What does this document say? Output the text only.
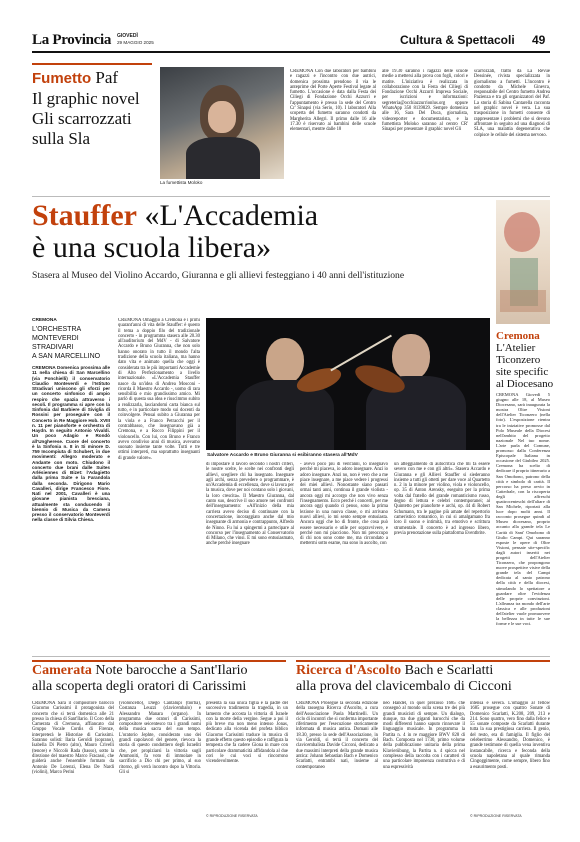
La Provincia GIOVEDÌ
29 MAGGIO 2025	Cultura & Spettacoli 49
Fumetto Paf
Il graphic novel
Gli scarrozzati
sulla Sla
La fumettista Moloko
CREMONA Con due laboratori per bambini e ragazzi e l'incontro con due autrici, domenica prossima prendono il via le anteprime del Porte Aperte Festival legate al fumetto. L'occasione è data dalla Festa dei Ciliegi di Fondazione Occhi Azzurri e l'appuntamento è presso la sede del Centro Cr' Sinapsi (via Serio, 10). I laboratori Alla scoperta del fumetto saranno condotti da Margherita Allegri. Il primo dalle 16 alle 17.30 è riservato ai bambini delle scuole elementari, mentre dalle 18
alle 19.30 saranno i ragazzi delle scuole medie a mettersi alla prova con fogli, colori e matite. L'iniziativa è realizzata in collaborazione con la Festa dei Ciliegi di Fondazione Occhi Azzurri Impresa Sociale, per iscrizioni e informazioni: segreteria@occhiazzurrionlus.org oppure WhatsApp 350 8139829. Sempre domenica alle 16, Sara Del Duca, giornalista, videoreporter e documentarista, e la fumettista Moloko saranno al centro CR' Sinapsi per presentare il graphic novel Gli
scarrozzati, tratto da La Revue Dessinée, rivista specializzata in giornalismo a fumetti. L'incontro è condotto da Michele Ginevra, responsabile del Centro fumetto Andrea Pazienza e tra gli organizzatori del Paf. La storia di Sabina Cantarella racconta nel graphic novel è vera. La sua trasposizione in fumetti consente di rappresentare i problemi che si devono affrontare in seguito ad una diagnosi di SLA, una malattia degenerativa che colpisce le cellule del sistema nervoso.
Stauffer «L'Accademia
è una scuola libera»
Stasera al Museo del Violino Accardo, Giuranna e gli allievi festeggiano i 40 anni dell'istituzione
CREMONA
L'ORCHESTRA
MONTEVERDI
STRADIVARI
A SAN MARCELLINO
CREMONA Domenica prossima alle 11 nella chiesa di San Marcellino (via Ponchielli) il conservatorio Claudio Monteverdi e l'Istituto Stradivari uniscono gli sforzi per un concerto sinfonico di ampio respiro che spazia attraverso i secoli. Il programma si apre con la Sinfonia dal Barbiere di Siviglia di Rossini per proseguire con il Concerto in Re Maggiore Hob. XVIII n. 11 per pianoforte e orchestra di Haydn. In seguito Antonio Vivaldi. Un poco Adagio e Rondò all'Ungherese. Cuore del concerto è la Sinfonia n. 8 in Si minore D. 759 Incompiuta di Schubert, in due movimenti: Allegro moderato e Andante con moto. Chiudono il concerto due brani dalle Suites Arlésiennes di Bizet: l'Adagietto dalla prima Suite e la Farandola dalla seconda. Dirigono Mario Cavalleri, dirige Francesco Fiore. Nati nel 2001, Cavalleri è una giovane pianista bresciana, attualmente sta conducendo il biennio di Musica da Camera presso il conservatorio Monteverdi nella classe di Silvia Chiesa.
CREMONA Omaggio a Cremona e i primi quarant'anni di vita delle Stauffer: è questo il tema a doppio filo del tradizionale concerto - in programma stasera alle 20.30 all'auditorium del MdV - di Salvatore Accardo e Bruno Giuranna, che non solo hanno onorato in tutto il mondo l'alta tradizione della scuola italiana, ma hanno dato vita e animato quella che oggi è considerata tra le più importanti Accademie di Alto Perfezionamento a livello internazionale. «L'Accademia Stauffer nasce da un'idea di Andrea Mosconi - ricorda il Maestro Accardo -, uomo di rara sensibilità e mio grandissimo amico. Mi parlò di questa sua idea e riuscimmo subito a realizzarla, lasciandomi carta bianca sul tutto, e in particolare modo sui docenti da coinvolgere. Pensai subito a Giuranna per la viola e a Franco Petracchi per il contrabbasso, che insegnavano già a Cremona, e a Rocco Filippini per il violoncello. Con lui, con Bruno e Franco avevo condiviso anni di musica, avevamo suonato insieme tante volte. Tutti e tre ottimi interpreti, ma soprattutto insegnanti di grande valore».
Salvatore Accardo e Bruno Giuranna si esibiranno stasera all'MdV
di impostare il lavoro secondo i nostri criteri, le nostre scelte, le scelte nei confronti degli allievi, scegliere chi ha insegnato. Insegnare agli archi, senza prevedere o programmare, è un'Accademia di eccellenza, dove si lavora per la musica, dove per noi contano solo i giovani, la loro crescita». Il Maestro Giuranna, dal canto suo, descrive il suo amore nei confronti dell'insegnamento: «All'inizio della mia carriera avevo deciso di continuare con la concertazione, incoraggiato anche dal mio insegnante di armonia e contrappunto, Alfredo de Ninno. Fu lui a spingermi a partecipare al concorso per l'insegnamento al Conservatorio di Milano, che vinsi. E mi sono entusiasmato, anche perché insegnare
- avevo poco più di vent'anni, lo insegnavo perché mi piaceva, io adoro insegnare. Anzi io adoro insegnare. Anzi no, non è vero che a me piace insegnare, a me piace vedere i progressi dei miei allievi. Nonostante siano passati ormai tanti anni, continua il grande violista - ancora oggi mi accorgo che non vivo senza l'insegnamento. Ecco perché i concerti, per me ancora oggi quando ci penso, sono la prima lezione in una nuova classe, o mi arrivano nuovi allievi, io mi sento sempre entusiasta. Ancora oggi che ho di fronte, che cosa può essere necessario e utile per sopravvivere, e perché non mi piacciono. Non mi preoccupo di chi non sono come me, ma circondato a mettermi sotto esame, ma sono in ascolto, con
un atteggiamento di autocritica che mi fa essere severo con me e con gli altri». Stasera Accardo e Giuranna e gli Allievi Stauffer si siederanno insieme a tutti gli ottetti per dare voce al Quartetto n. 2 in la minore per violino, viola e violoncello, op. 35 di Anton Arensky, eseguito per la prima volta dal fratello del grande romanticismo russo, degno di lettura e celebri contemporanei; al Quintetto per pianoforte e archi, op. 44 di Robert Schumann, tra le pagine più amate del repertorio cameristico romantico, in cui si amalgamano fra loro il suono e intimità, tra emotivo e scrittura strumentale. Il concerto è ad ingresso libero, previa prenotazione sulla piattaforma Eventbrite.
Cremona
L'Atelier
Ticonzero
site specific
al Diocesano
CREMONA Giovedì 5 giugno alle 18, al Museo Diocesano, sarà inaugurata la mostra Oltre Visioni dell'Atelier Ticonzero (nella foto). L'esposizione rientra tra le iniziative promosse dal Polo Museale della Diocesi nell'ambito del progetto nazionale Nel tuo nome. L'arte parla del Comune, promosso dalla Conferenza Episcopale Italiana in occasione del Giubileo 2025. Cremona ha scelto di dedicare il proprio itinerario a San Omobono, patrono della città e simbolo di carità. Il percorso ha preso avvio in Cattedrale, con la riscoperta degli affreschi quattrocenteschi dell'altare di San Michele, riportati alla luce dopo molti anni. Il racconto prosegue quindi al Museo diocesano, proprio accanto alla grande tela Le Carità di Sant' Omobono di Giulio Campi. Qui saranno esposte le opere di Oltre Visioni, pensate site-specific dagli autori inseriti nei progetti dell'Atelier Ticonzero, che propongono nuove prospettive visive della grande tela del Campi dedicata al santo patrono della città e della diocesi, stimolando lo spettatore a guardare oltre l'evidenza delle proprie convinzioni. L'alleanza tra mondo dell'arte classica e alle produzioni dell'atelier vuole promuovere la bellezza in tutte le sue forme e le sue voci.
Camerata Note barocche a Sant'Ilario
alla scoperta degli oratori di Carissimi
CREMONA Sarà il compositore barocco Giacomo Carissimi il protagonista del concerto che si terrà domenica alle 21 presso la chiesa di Sant'Ilario. Il Coro della Camerata di Cremona, affiancato dal Gruppo Vocale Cordis di Firenze, interpreterà le Historiae di Carissimi. Saranno solisti: Ilaria Geroldi (soprano), Isabella Di Pietro (alto), Mauro Crivelli (tenore) e Niccolò Rada (basso), sotto la direzione del maestro Marco Fracassi, che guiderà anche l'ensemble formato da Antonio De Lorenzi, Elena De Nardi (violini), Marco Perini
(violoncello), Diego Cantalupi (tiorba), Costanza Leuzzi (clavicembalo) e Alessandro Manara (organo). In programma due oratori di Carissimi, compositore seicentesco tra i grandi nomi della musica sacra del suo tempo. L'oratorio Jephte, considerato uno dei grandi capolavori del genere, rievoca la storia di questo condottiero degli Israeliti che, per propiziarsi la vittoria sugli Ammoniti, fa voto di immolare in sacrificio a Dio chi per primo, al suo ritorno, gli verrà incontro dopo la Vittoria. Gli si
presenta la sua unica figlia e la padre del successivo tradimento la tragedia, in un lamento che accosta la vittoria di Israele con la morte della vergine. Segue a poi il più breve ma non meno intenso Jonas, dedicato alla vicenda del profeta biblico Giacomo Carissimi traduce in musica di grande effetto questo episodio e raffigura la tempesta che fa cadere Giona in mare con particolare drammaticità affidandola al due cori le cui voci si rincorrono vicendevolmente.
© RIPRODUZIONE RISERVATA
Ricerca d'Ascolto Bach e Scarlatti
alla prova del clavicembalo di Cicconi
CREMONA Prosegue la seconda edizione della rassegna Ricerca d'Ascolto, a cura dell'Associazione Paola Martinelli. Un ciclo di incontri che si conferma importante riferimento per l'esecuzione storicamente informata di musica antica. Domani alle 18.30, presso la sede dell'Associazione, in via Geroldi, si terrà il concerto del clavicembalista Davide Cicconi, dedicato a due massimi interpreti della grande musica antica: Johann Sebastian Bach e Domenico Scarlatti, entrambi nati, insieme al contemporaneo
neo Händel, in quel prezioso 1685 che consegnò al mondo sulla scena tre dei più grandi musicisti di sempre. Un dialogo, dunque, tra due giganti barocchi che da modi differenti hanno saputo rinnovare il linguaggio musicale. In programma la Partita n. 4 in re maggiore BWV 828 di Bach. Composta nel 1730, primo volume della pubblicazione unitaria della prima Klavierübung, la Partita n. 4 spicca nel complesso della raccolta con i caratteri di una particolare imponenza costruttiva e di una espressività
intensa e severa. L'omaggio al fellow 1685 prosegue con quattro Sonate di Domenico Scarlatti, K.208, 209, 213 e 214. Sono quattro, vero fino dalla felice e 55 sonate composte da Scarlatti durante tutta la sua prestigiosa carriera. Il genio, del resto, era di famiglia. Il figlio del celeberrimo Alessandro, Domenico, è grande testimone di quella vena inventiva instancabile, ricerca e feconda della scuola napoletana al quale rimanda Cingoggimente, come sempre, libero fino a esaurimento posti.
© RIPRODUZIONE RISERVATA
